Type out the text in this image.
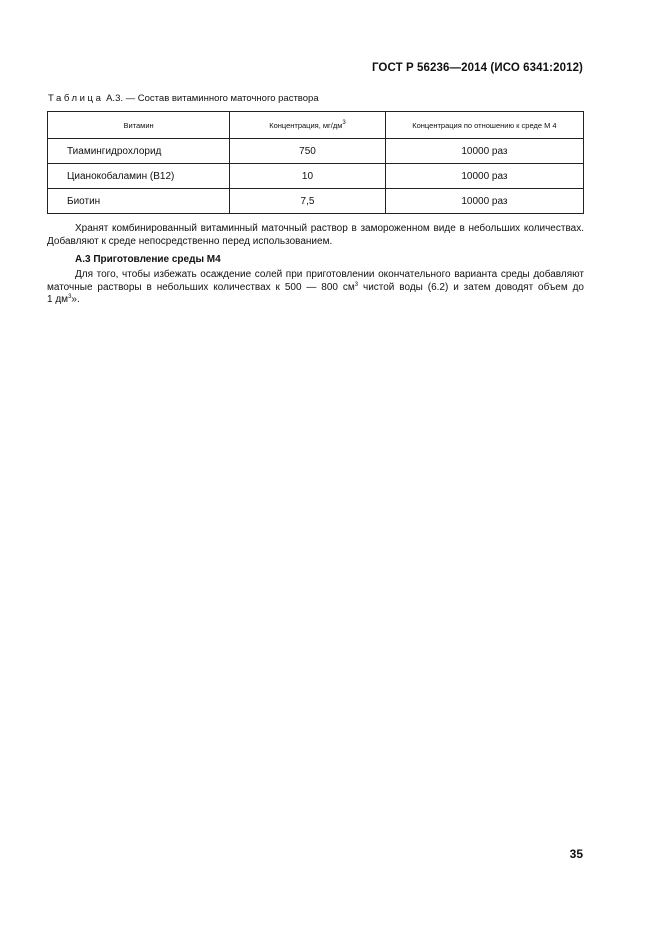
ГОСТ Р 56236—2014 (ИСО 6341:2012)
Таблица А.3. — Состав витаминного маточного раствора
Витамин	Концентрация, $мг/дм^3$	Концентрация по отношению к среде М 4
Тиамингидрохлорид	750	10000 раз
Цианокобаламин (B12)	10	10000 раз
Биотин	7,5	10000 раз
Хранят комбинированный витаминный маточный раствор в замороженном виде в небольших количествах.
Добавляют к среде непосредственно перед использованием.
А.3 Приготовление среды М4
Для того, чтобы избежать осаждение солей при приготовлении окончательного варианта среды добавляют
маточные растворы в небольших количествах к 500 — 800 $см^3$ чистой воды (6.2) и затем доводят объем до
1 $дм^3$».
35
